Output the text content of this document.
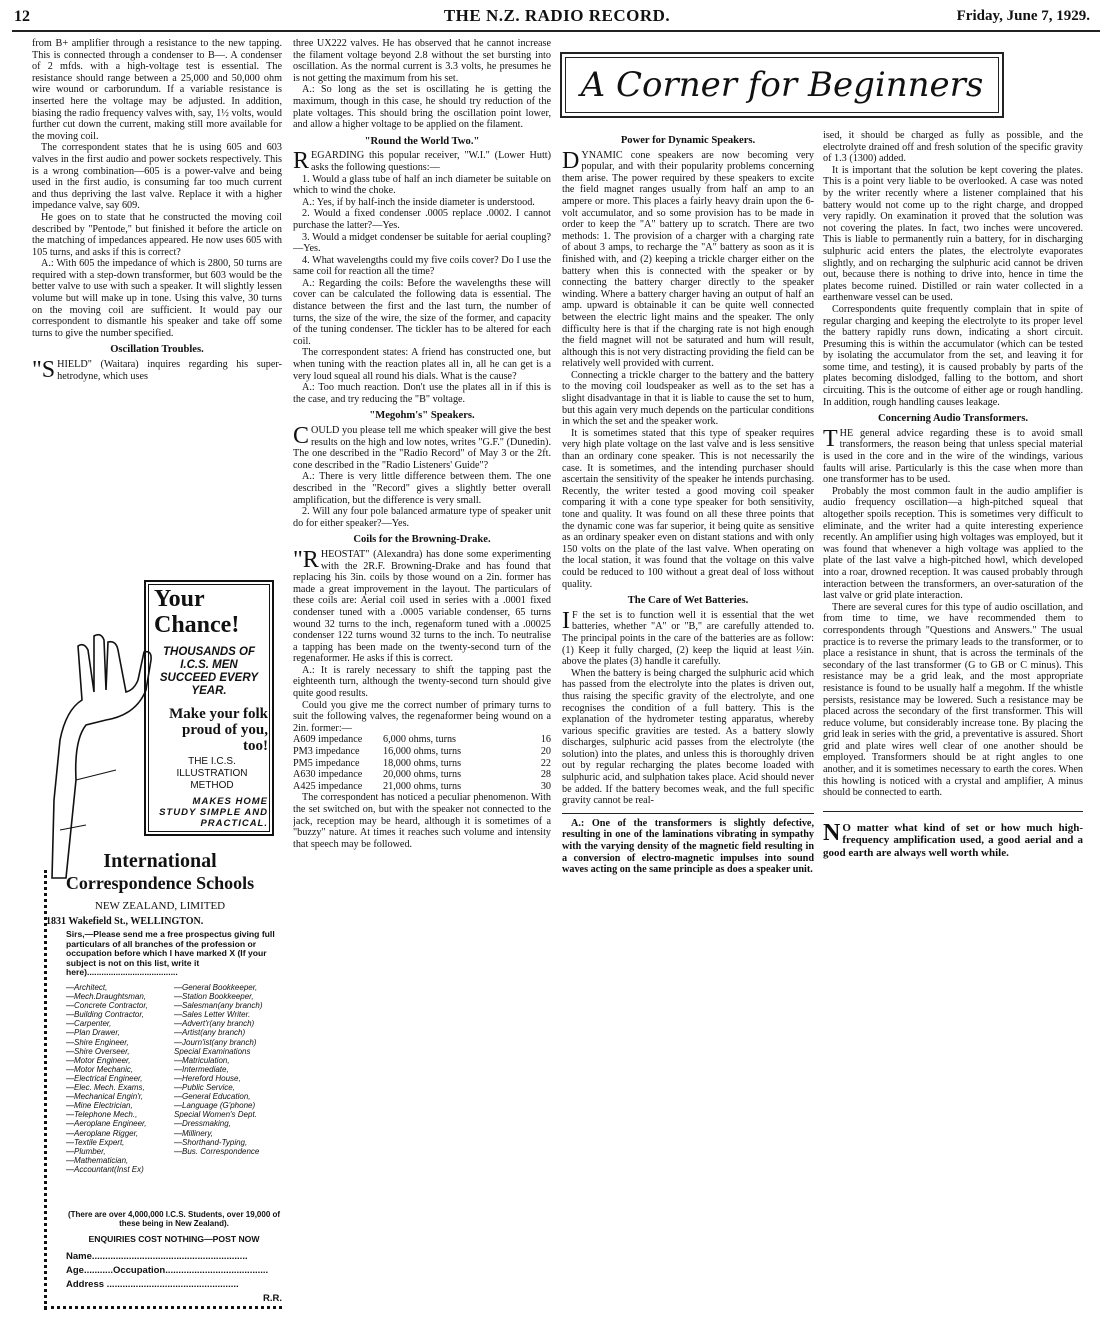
12	THE N.Z. RADIO RECORD.	Friday, June 7, 1929.
A Corner for Beginners

from B+ amplifier through a resistance to the new tapping. This is connected through a condenser to B—. A condenser of 2 mfds. with a high-voltage test is essential. The resistance should range between a 25,000 and 50,000 ohm wire wound or carborundum. If a variable resistance is inserted here the voltage may be adjusted. In addition, biasing the radio frequency valves with, say, 1½ volts, would further cut down the current, making still more available for the moving coil.

The correspondent states that he is using 605 and 603 valves in the first audio and power sockets respectively. This is a wrong combination—605 is a power-valve and being used in the first audio, is consuming far too much current and thus depriving the last valve. Replace it with a higher impedance valve, say 609.

He goes on to state that he constructed the moving coil described by "Pentode," but finished it before the article on the matching of impedances appeared. He now uses 605 with 105 turns, and asks if this is correct?

A.: With 605 the impedance of which is 2800, 50 turns are required with a step-down transformer, but 603 would be the better valve to use with such a speaker. It will slightly lessen volume but will make up in tone. Using this valve, 30 turns on the moving coil are sufficient. It would pay our correspondent to dismantle his speaker and take off some turns to give the number specified.

Oscillation Troubles.

"SHIELD" (Waitara) inquires regarding his super-hetrodyne, which uses

Your
Chance!
THOUSANDS OF I.C.S. MEN SUCCEED EVERY YEAR.
Make your folk proud of you, too!
THE I.C.S. ILLUSTRATION METHOD
MAKES HOME STUDY SIMPLE AND PRACTICAL.
International
Correspondence Schools
NEW ZEALAND, LIMITED
1831 Wakefield St., WELLINGTON.
Sirs,—Please send me a free prospectus giving full particulars of all branches of the profession or occupation before which I have marked X (If your subject is not on this list, write it here)......................................
—Architect,	—General Bookkeeper,
—Mech.Draughtsman,	—Station Bookkeeper,
—Concrete Contractor,	—Salesman(any branch)
—Building Contractor,	—Sales Letter Writer.
—Carpenter,	—Advert'r(any branch)
—Plan Drawer,	—Artist(any branch)
—Shire Engineer,	—Journ'ist(any branch)
—Shire Overseer,	Special Examinations
—Motor Engineer,	—Matriculation,
—Motor Mechanic,	—Intermediate,
—Electrical Engineer,	—Hereford House,
—Elec. Mech. Exams,	—Public Service,
—Mechanical Engin'r,	—General Education,
—Mine Electrician,	—Language (G'phone)
—Telephone Mech.,	Special Women's Dept.
—Aeroplane Engineer,	—Dressmaking,
—Aeroplane Rigger,	—Millinery,
—Textile Expert,	—Shorthand-Typing,
—Plumber,	—Bus. Correspondence
—Mathematician,
—Accountant(Inst Ex)
(There are over 4,000,000 I.C.S. Students, over 19,000 of these being in New Zealand).
ENQUIRIES COST NOTHING—POST NOW
Name...........................................................
Age...........Occupation.......................................
Address ..................................................
R.R.

three UX222 valves. He has observed that he cannot increase the filament voltage beyond 2.8 without the set bursting into oscillation. As the normal current is 3.3 volts, he presumes he is not getting the maximum from his set.

A.: So long as the set is oscillating he is getting the maximum, though in this case, he should try reduction of the plate voltages. This should bring the oscillation point lower, and allow a higher voltage to be applied on the filament.

"Round the World Two."

REGARDING this popular receiver, "W.I." (Lower Hutt) asks the following questions:—

1. Would a glass tube of half an inch diameter be suitable on which to wind the choke.

A.: Yes, if by half-inch the inside diameter is understood.

2. Would a fixed condenser .0005 replace .0002. I cannot purchase the latter?—Yes.

3. Would a midget condenser be suitable for aerial coupling?—Yes.

4. What wavelengths could my five coils cover? Do I use the same coil for reaction all the time?

A.: Regarding the coils: Before the wavelengths these will cover can be calculated the following data is essential. The distance between the first and the last turn, the number of turns, the size of the wire, the size of the former, and capacity of the tuning condenser. The tickler has to be altered for each coil.

The correspondent states: A friend has constructed one, but when tuning with the reaction plates all in, all he can get is a very loud squeal all round his dials. What is the cause?

A.: Too much reaction. Don't use the plates all in if this is the case, and try reducing the "B" voltage.

"Megohm's" Speakers.

COULD you please tell me which speaker will give the best results on the high and low notes, writes "G.F." (Dunedin). The one described in the "Radio Record" of May 3 or the 2ft. cone described in the "Radio Listeners' Guide"?

A.: There is very little difference between them. The one described in the "Record" gives a slightly better overall amplification, but the difference is very small.

2. Will any four pole balanced armature type of speaker unit do for either speaker?—Yes.

Coils for the Browning-Drake.

"RHEOSTAT" (Alexandra) has done some experimenting with the 2R.F. Browning-Drake and has found that replacing his 3in. coils by those wound on a 2in. former has made a great improvement in the layout. The particulars of these coils are: Aerial coil used in series with a .0001 fixed condenser tuned with a .0005 variable condenser, 65 turns wound 32 turns to the inch, regenaform tuned with a .00025 condenser 122 turns wound 32 turns to the inch. To neutralise a tapping has been made on the twenty-second turn of the regenaformer. He asks if this is correct.

A.: It is rarely necessary to shift the tapping past the eighteenth turn, although the twenty-second turn should give quite good results.

Could you give me the correct number of primary turns to suit the following valves, the regenaformer being wound on a 2in. former:—

A609 impedance	6,000 ohms, turns	16
PM3 impedance	16,000 ohms, turns	20
PM5 impedance	18,000 ohms, turns	22
A630 impedance	20,000 ohms, turns	28
A425 impedance	21,000 ohms, turns	30

The correspondent has noticed a peculiar phenomenon. With the set switched on, but with the speaker not connected to the jack, reception may be heard, although it is sometimes of a "buzzy" nature. At times it reaches such volume and intensity that speech may be followed.

Power for Dynamic Speakers.

DYNAMIC cone speakers are now becoming very popular, and with their popularity problems concerning them arise. The power required by these speakers to excite the field magnet ranges usually from half an amp to an ampere or more. This places a fairly heavy drain upon the 6-volt accumulator, and so some provision has to be made in order to keep the "A" battery up to scratch. There are two methods: 1. The provision of a charger with a charging rate of about 3 amps, to recharge the "A" battery as soon as it is finished with, and (2) keeping a trickle charger either on the battery when this is connected with the speaker or by connecting the battery charger directly to the speaker winding. Where a battery charger having an output of half an amp. upward is obtainable it can be quite well connected between the electric light mains and the speaker. The only difficulty here is that if the charging rate is not high enough the field magnet will not be saturated and hum will result, although this is not very distracting providing the field can be relatively well provided with current.

Connecting a trickle charger to the battery and the battery to the moving coil loudspeaker as well as to the set has a slight disadvantage in that it is liable to cause the set to hum, but this again very much depends on the particular conditions in which the set and the speaker work.

It is sometimes stated that this type of speaker requires very high plate voltage on the last valve and is less sensitive than an ordinary cone speaker. This is not necessarily the case. It is sometimes, and the intending purchaser should ascertain the sensitivity of the speaker he intends purchasing. Recently, the writer tested a good moving coil speaker comparing it with a cone type speaker for both sensitivity, tone and quality. It was found on all these three points that the dynamic cone was far superior, it being quite as sensitive as an ordinary speaker even on distant stations and with only 150 volts on the plate of the last valve. When operating on the local station, it was found that the voltage on this valve could be reduced to 100 without a great deal of loss without quality.

The Care of Wet Batteries.

I F the set is to function well it is essential that the wet batteries, whether "A" or "B," are carefully attended to. The principal points in the care of the batteries are as follow: (1) Keep it fully charged, (2) keep the liquid at least ½in. above the plates (3) handle it carefully.

When the battery is being charged the sulphuric acid which has passed from the electrolyte into the plates is driven out, thus raising the specific gravity of the electrolyte, and one recognises the condition of a full battery. This is the explanation of the hydrometer testing apparatus, whereby various specific gravities are tested. As a battery slowly discharges, sulphuric acid passes from the electrolyte (the solution) into the plates, and unless this is thoroughly driven out by regular recharging the plates become loaded with sulphuric acid, and sulphation takes place. Acid should never be added. If the battery becomes weak, and the full specific gravity cannot be real-

A.: One of the transformers is slightly defective, resulting in one of the laminations vibrating in sympathy with the varying density of the magnetic field resulting in a conversion of electro-magnetic impulses into sound waves acting on the same principle as does a speaker unit.

ised, it should be charged as fully as possible, and the electrolyte drained off and fresh solution of the specific gravity of 1.3 (1300) added.

It is important that the solution be kept covering the plates. This is a point very liable to be overlooked. A case was noted by the writer recently where a listener complained that his battery would not come up to the right charge, and dropped very rapidly. On examination it proved that the solution was not covering the plates. In fact, two inches were uncovered. This is liable to permanently ruin a battery, for in discharging sulphuric acid enters the plates, the electrolyte evaporates slightly, and on recharging the sulphuric acid cannot be driven out, because there is nothing to drive into, hence in time the plates become ruined. Distilled or rain water collected in a earthenware vessel can be used.

Correspondents quite frequently complain that in spite of regular charging and keeping the electrolyte to its proper level the battery rapidly runs down, indicating a short circuit. Presuming this is within the accumulator (which can be tested by isolating the accumulator from the set, and leaving it for some time, and testing), it is caused probably by parts of the plates becoming dislodged, falling to the bottom, and short circuiting. This is the outcome of either age or rough handling. In addition, rough handling causes leakage.

Concerning Audio Transformers.

THE general advice regarding these is to avoid small transformers, the reason being that unless special material is used in the core and in the wire of the windings, various faults will arise. Particularly is this the case when more than one transformer has to be used.

Probably the most common fault in the audio amplifier is audio frequency oscillation—a high-pitched squeal that altogether spoils reception. This is sometimes very difficult to eliminate, and the writer had a quite interesting experience recently. An amplifier using high voltages was employed, but it was found that whenever a high voltage was applied to the plate of the last valve a high-pitched howl, which developed into a roar, drowned reception. It was caused probably through interaction between the transformers, an over-saturation of the last valve or grid plate interaction.

There are several cures for this type of audio oscillation, and from time to time, we have recommended them to correspondents through "Questions and Answers." The usual practice is to reverse the primary leads to the transformer, or to place a resistance in shunt, that is across the terminals of the secondary of the last transformer (G to GB or C minus). This resistance may be a grid leak, and the most appropriate resistance is found to be usually half a megohm. If the whistle persists, resistance may be lowered. Such a resistance may be placed across the secondary of the first transformer. This will reduce volume, but considerably increase tone. By placing the grid leak in series with the grid, a preventative is assured. Short grid and plate wires well clear of one another should be employed. Transformers should be at right angles to one another, and it is sometimes necessary to earth the cores. When this howling is noticed with a crystal and amplifier, A minus should be connected to earth.

N O matter what kind of set or how much high-frequency amplification used, a good aerial and a good earth are always well worth while.
